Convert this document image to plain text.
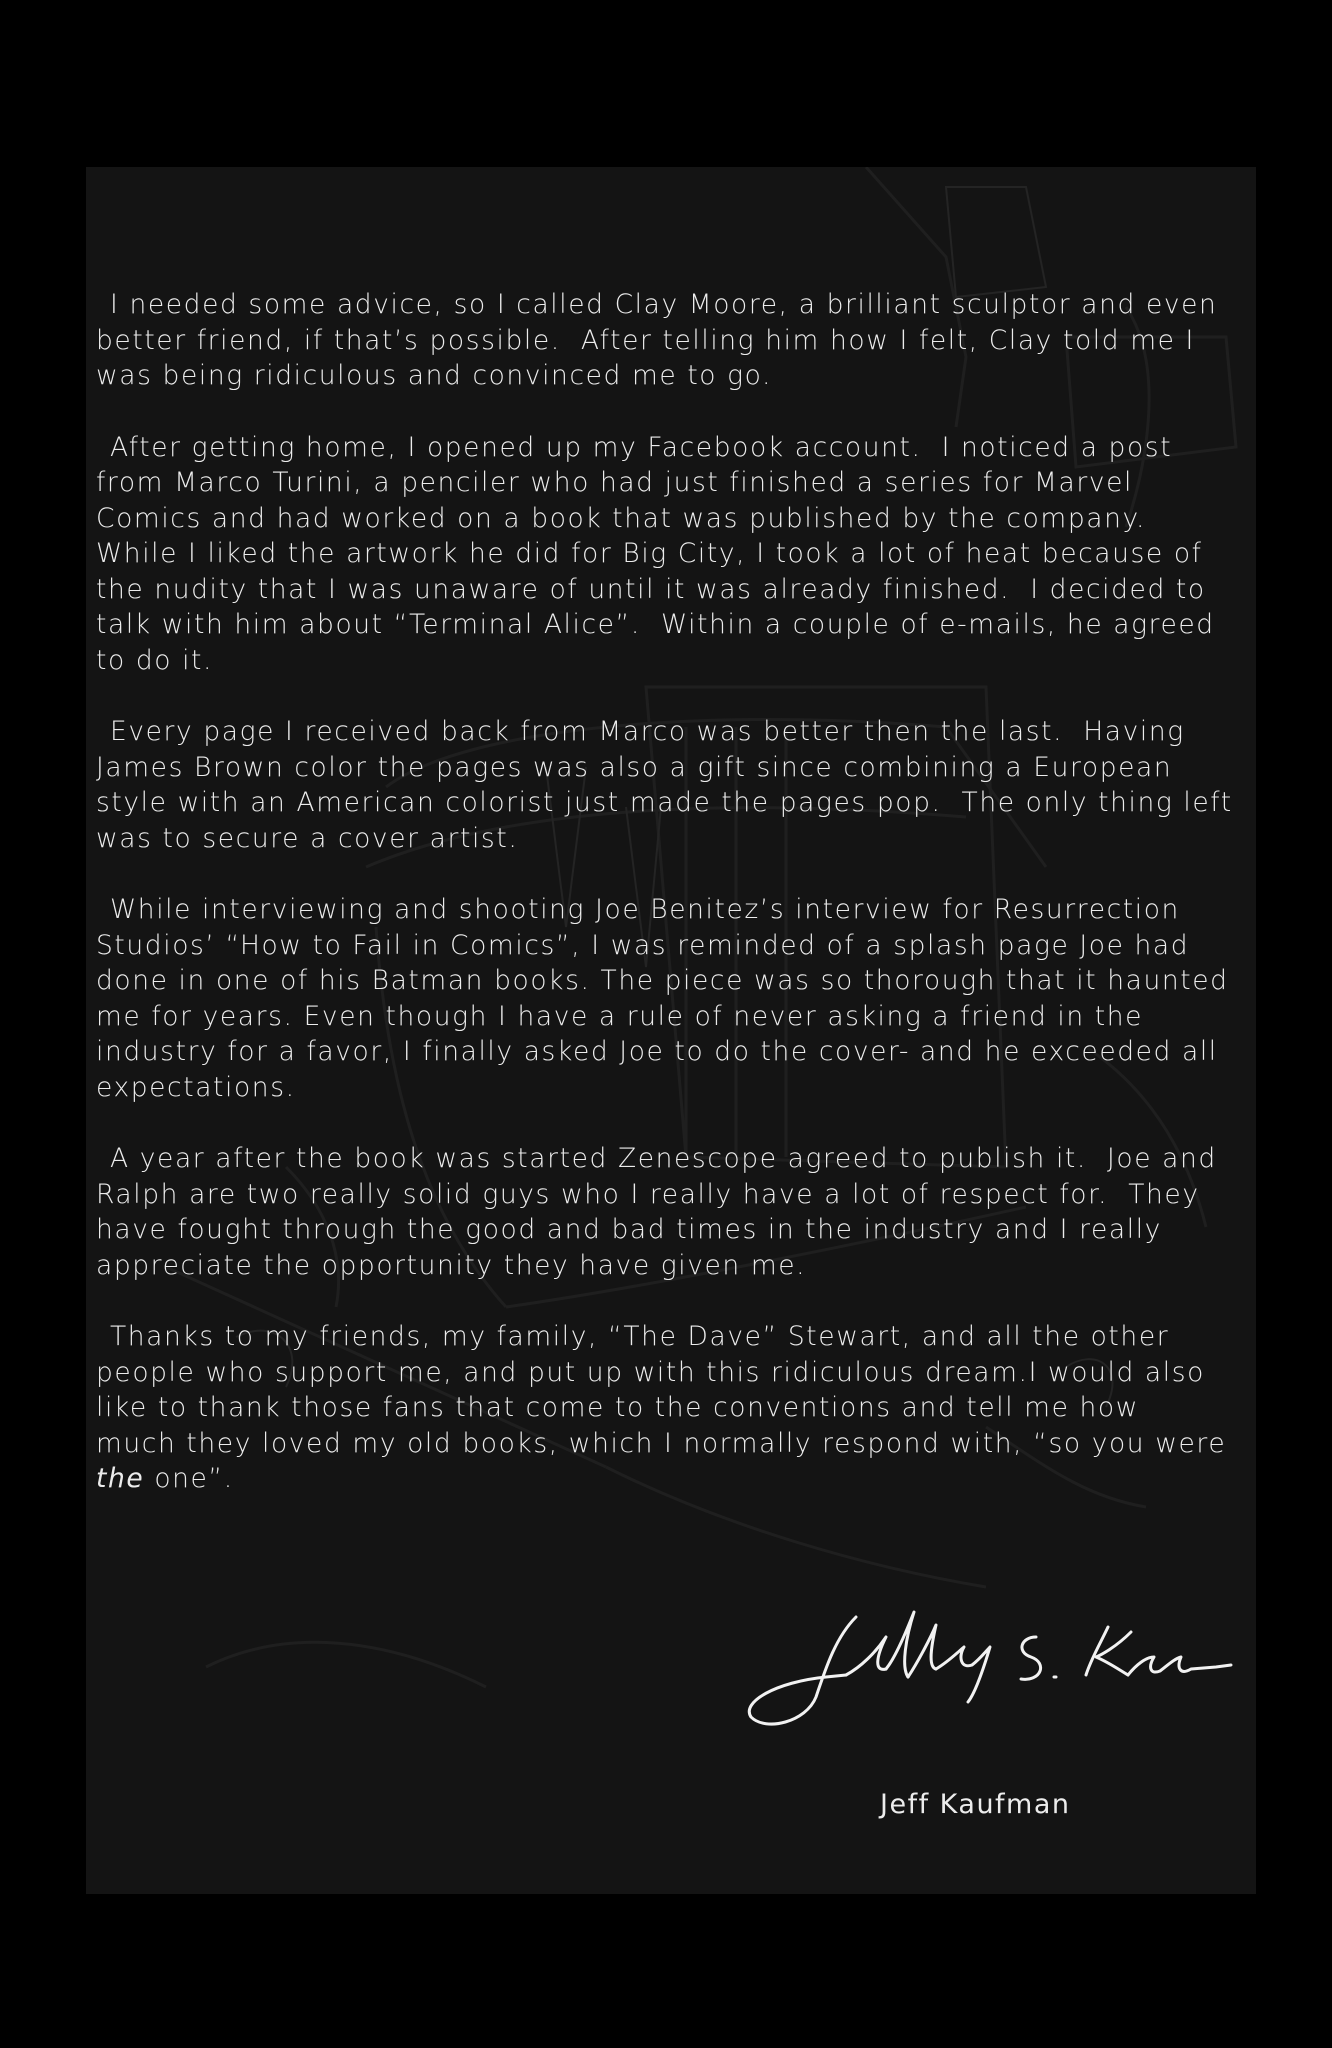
I needed some advice, so I called Clay Moore, a brilliant sculptor and even
better friend, if that’s possible.  After telling him how I felt, Clay told me I
was being ridiculous and convinced me to go.

After getting home, I opened up my Facebook account.  I noticed a post
from Marco Turini, a penciler who had just finished a series for Marvel
Comics and had worked on a book that was published by the company.
While I liked the artwork he did for Big City, I took a lot of heat because of
the nudity that I was unaware of until it was already finished.  I decided to
talk with him about “Terminal Alice”.  Within a couple of e-mails, he agreed
to do it.

Every page I received back from Marco was better then the last.  Having
James Brown color the pages was also a gift since combining a European
style with an American colorist just made the pages pop.  The only thing left
was to secure a cover artist.

While interviewing and shooting Joe Benitez’s interview for Resurrection
Studios’ “How to Fail in Comics”, I was reminded of a splash page Joe had
done in one of his Batman books. The piece was so thorough that it haunted
me for years. Even though I have a rule of never asking a friend in the
industry for a favor, I finally asked Joe to do the cover- and he exceeded all
expectations.

A year after the book was started Zenescope agreed to publish it.  Joe and
Ralph are two really solid guys who I really have a lot of respect for.  They
have fought through the good and bad times in the industry and I really
appreciate the opportunity they have given me.

Thanks to my friends, my family, “The Dave” Stewart, and all the other
people who support me, and put up with this ridiculous dream.I would also
like to thank those fans that come to the conventions and tell me how
much they loved my old books, which I normally respond with, “so you were
the one”.

Jeff Kaufman
